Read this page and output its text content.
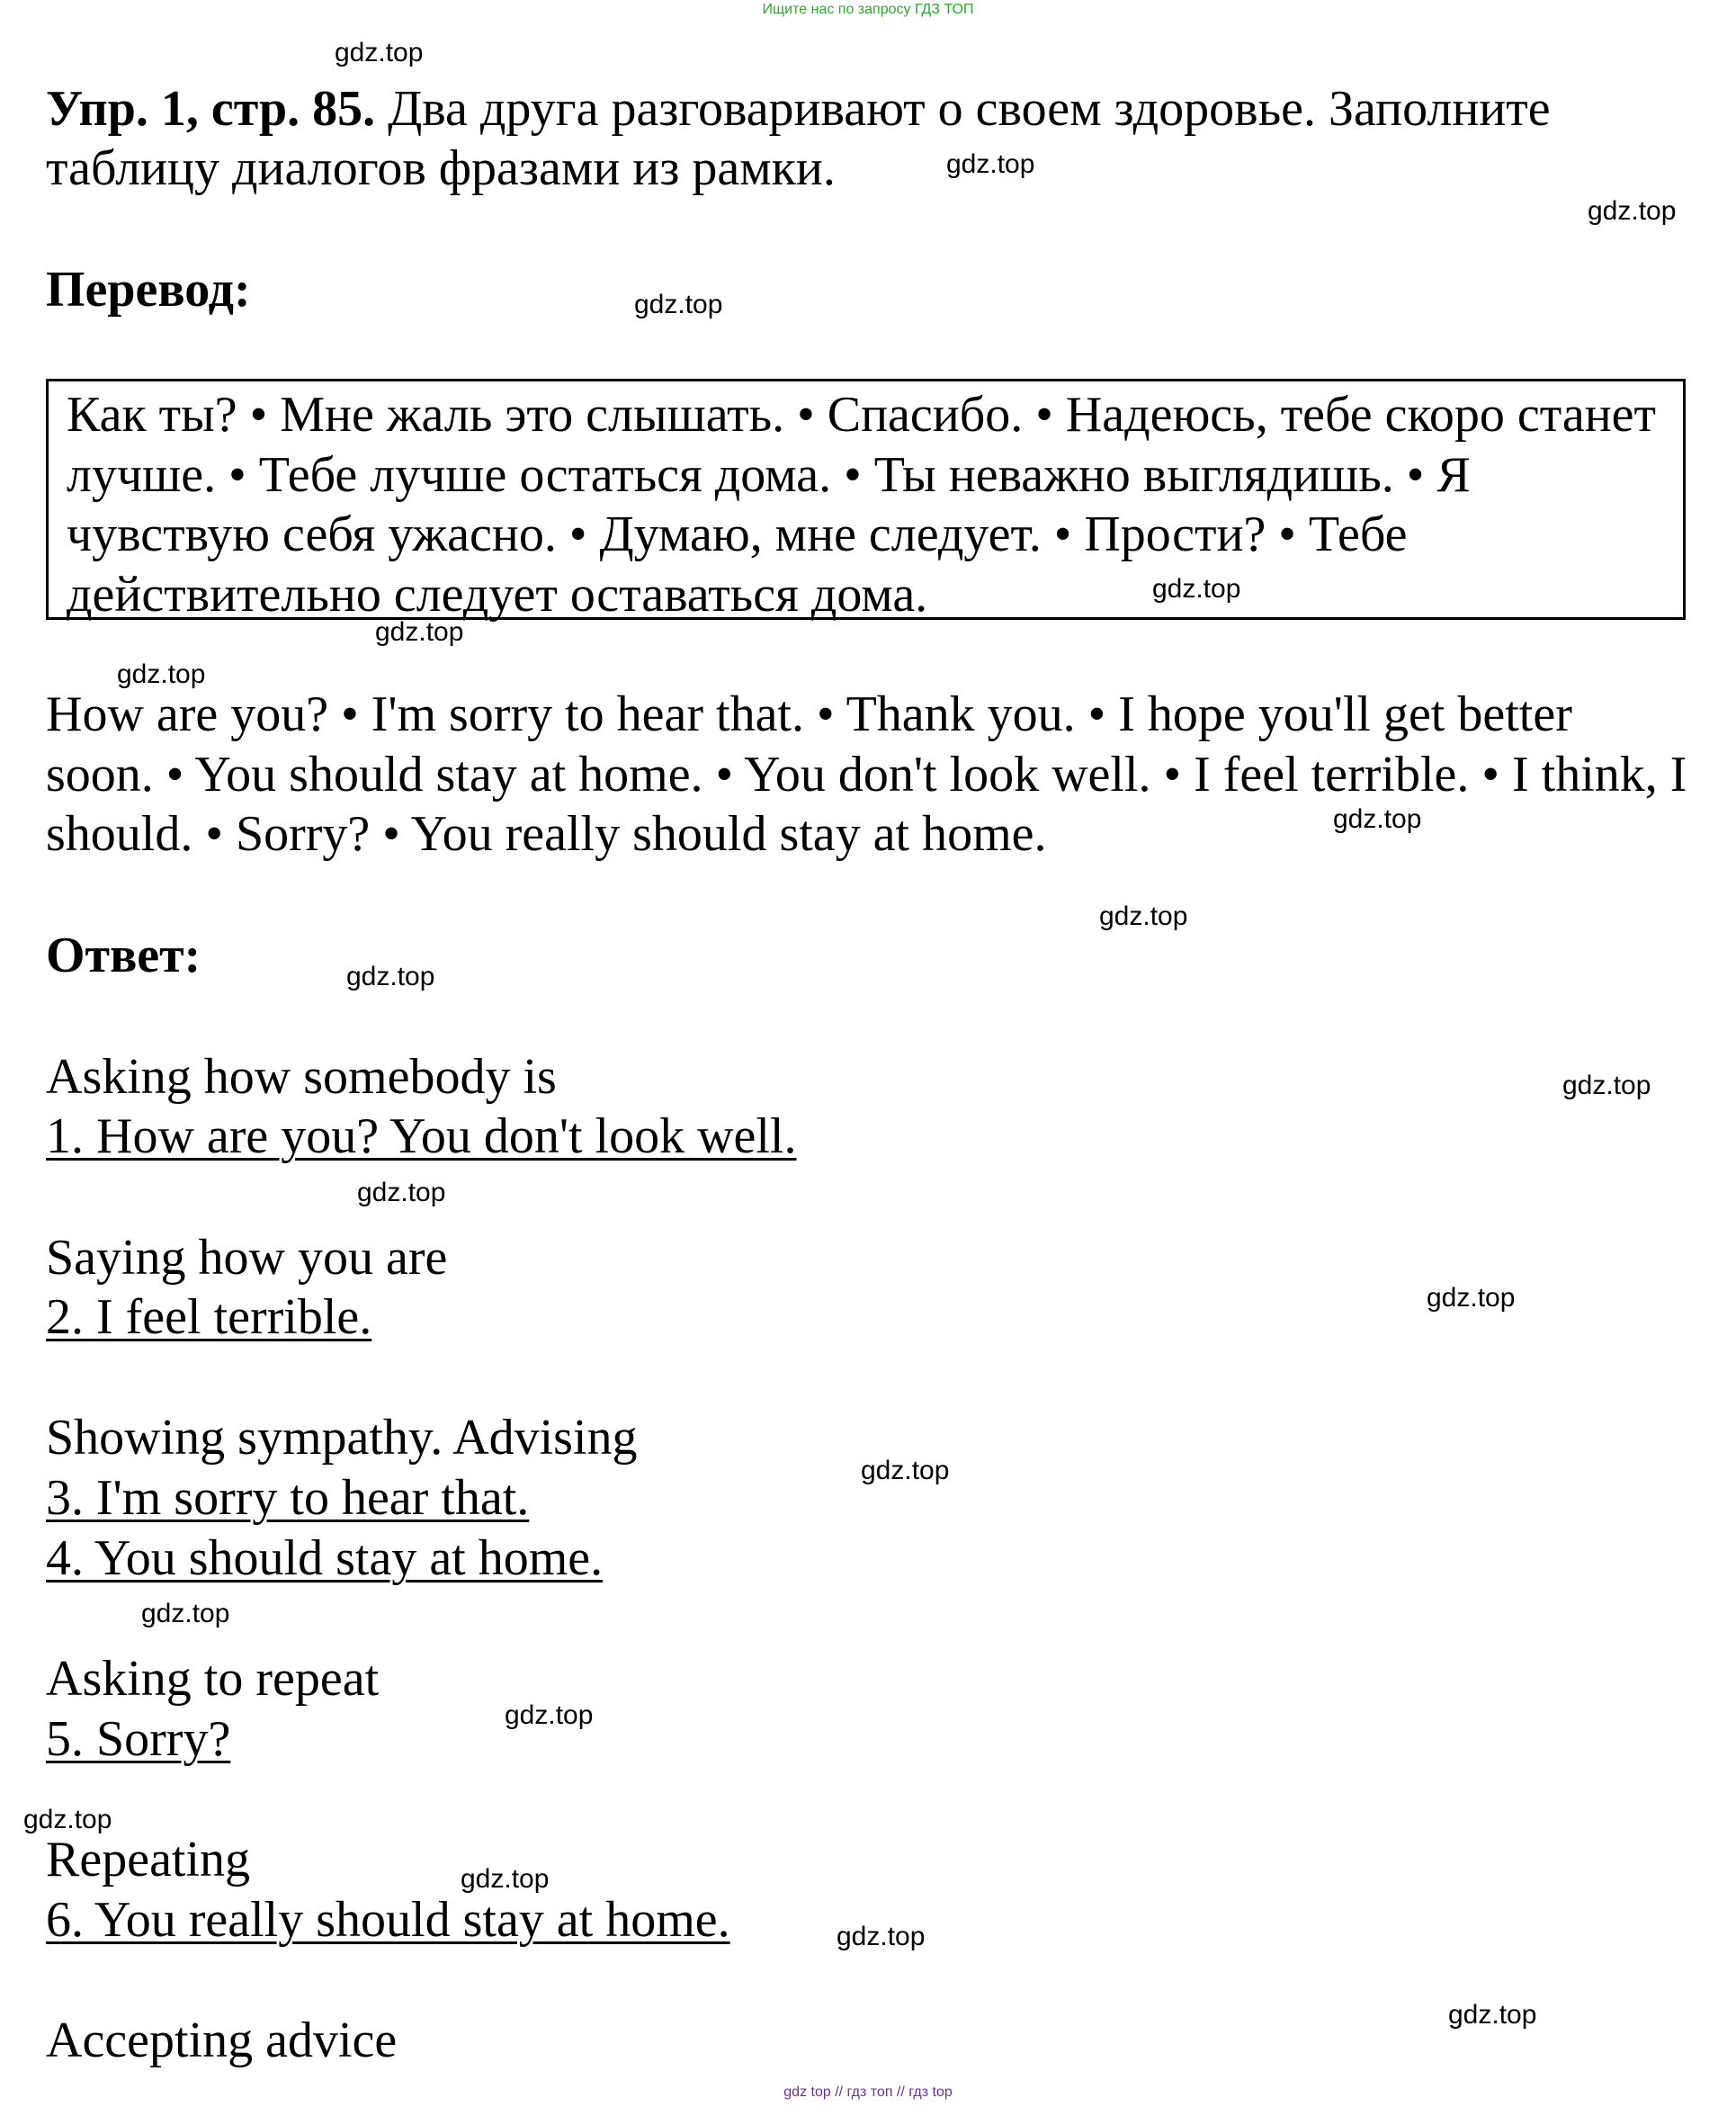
Ищите нас по запросу ГДЗ ТОП
Упр. 1, стр. 85. Два друга разговаривают о своем здоровье. Заполните таблицу диалогов фразами из рамки.
Перевод:
Как ты? • Мне жаль это слышать. • Спасибо. • Надеюсь, тебе скоро станет лучше. • Тебе лучше остаться дома. • Ты неважно выглядишь. • Я чувствую себя ужасно. • Думаю, мне следует. • Прости? • Тебе действительно следует оставаться дома.
How are you? • I'm sorry to hear that. • Thank you. • I hope you'll get better soon. • You should stay at home. • You don't look well. • I feel terrible. • I think, I should. • Sorry? • You really should stay at home.
Ответ:
Asking how somebody is
1. How are you? You don't look well.
Saying how you are
2. I feel terrible.
Showing sympathy. Advising
3. I'm sorry to hear that.
4. You should stay at home.
Asking to repeat
5. Sorry?
Repeating
6. You really should stay at home.
Accepting advice
gdz.top
gdz.top
gdz.top
gdz.top
gdz.top
gdz.top
gdz.top
gdz.top
gdz.top
gdz.top
gdz.top
gdz.top
gdz.top
gdz.top
gdz.top
gdz.top
gdz.top
gdz.top
gdz.top
gdz.top
gdz top // гдз топ // гдз top
